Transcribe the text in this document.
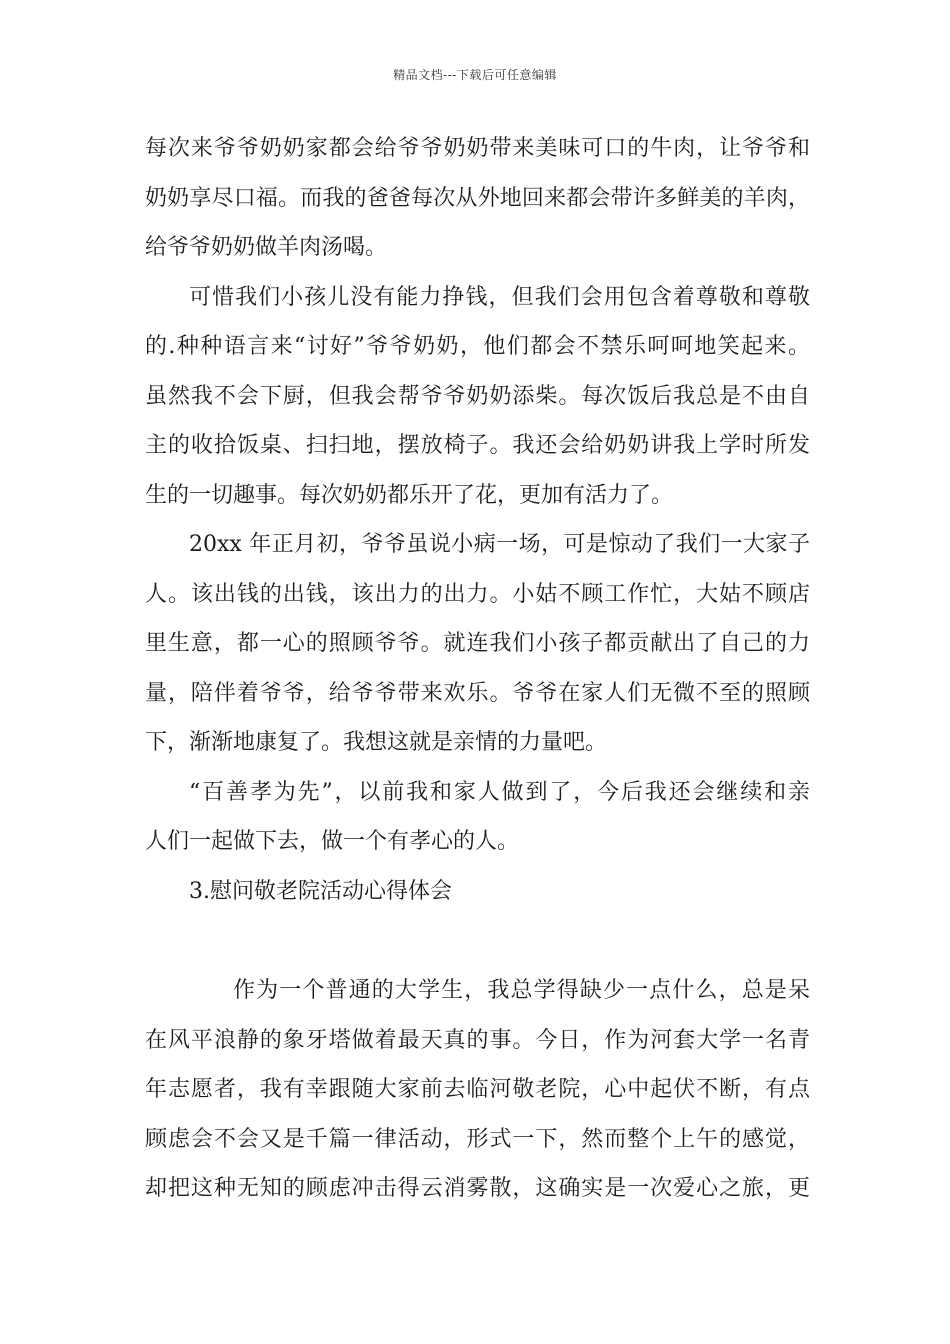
精品文档---下载后可任意编辑
每次来爷爷奶奶家都会给爷爷奶奶带来美味可口的牛肉，让爷爷和
奶奶享尽口福。而我的爸爸每次从外地回来都会带许多鲜美的羊肉，
给爷爷奶奶做羊肉汤喝。
可惜我们小孩儿没有能力挣钱，但我们会用包含着尊敬和尊敬
的.种种语言来“讨好”爷爷奶奶，他们都会不禁乐呵呵地笑起来。
虽然我不会下厨，但我会帮爷爷奶奶添柴。每次饭后我总是不由自
主的收拾饭桌、扫扫地，摆放椅子。我还会给奶奶讲我上学时所发
生的一切趣事。每次奶奶都乐开了花，更加有活力了。
20xx 年正月初，爷爷虽说小病一场，可是惊动了我们一大家子
人。该出钱的出钱，该出力的出力。小姑不顾工作忙，大姑不顾店
里生意，都一心的照顾爷爷。就连我们小孩子都贡献出了自己的力
量，陪伴着爷爷，给爷爷带来欢乐。爷爷在家人们无微不至的照顾
下，渐渐地康复了。我想这就是亲情的力量吧。
“百善孝为先”，以前我和家人做到了，今后我还会继续和亲
人们一起做下去，做一个有孝心的人。
3.慰问敬老院活动心得体会
作为一个普通的大学生，我总学得缺少一点什么，总是呆
在风平浪静的象牙塔做着最天真的事。今日，作为河套大学一名青
年志愿者，我有幸跟随大家前去临河敬老院，心中起伏不断，有点
顾虑会不会又是千篇一律活动，形式一下，然而整个上午的感觉，
却把这种无知的顾虑冲击得云消雾散，这确实是一次爱心之旅，更
